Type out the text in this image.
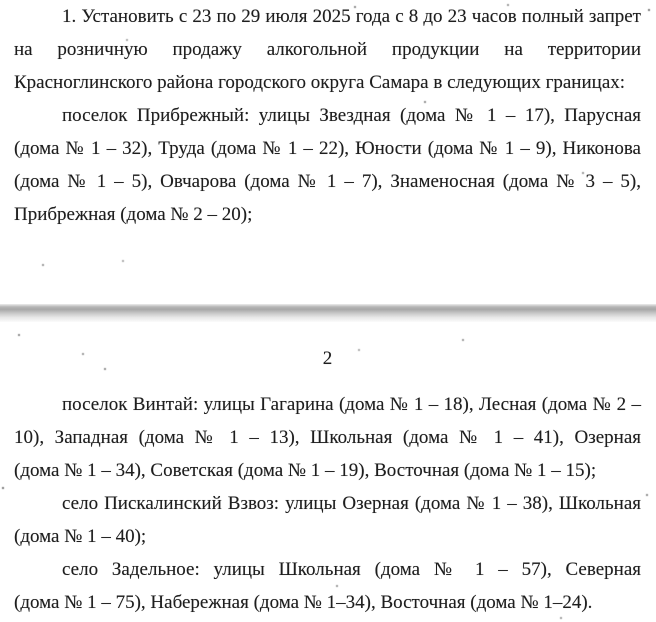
1. Установить с 23 по 29 июля 2025 года с 8 до 23 часов полный запрет
на розничную продажу алкогольной продукции на территории
Красноглинского района городского округа Самара в следующих границах:
поселок Прибрежный: улицы Звездная (дома № 1 – 17), Парусная
(дома № 1 – 32), Труда (дома № 1 – 22), Юности (дома № 1 – 9), Никонова
(дома № 1 – 5), Овчарова (дома № 1 – 7), Знаменосная (дома № 3 – 5),
Прибрежная (дома № 2 – 20);
2
поселок Винтай: улицы Гагарина (дома № 1 – 18), Лесная (дома № 2 –
10), Западная (дома № 1 – 13), Школьная (дома № 1 – 41), Озерная
(дома № 1 – 34), Советская (дома № 1 – 19), Восточная (дома № 1 – 15);
село Пискалинский Взвоз: улицы Озерная (дома № 1 – 38), Школьная
(дома № 1 – 40);
село Задельное: улицы Школьная (дома № 1 – 57), Северная
(дома № 1 – 75), Набережная (дома № 1–34), Восточная (дома № 1–24).
